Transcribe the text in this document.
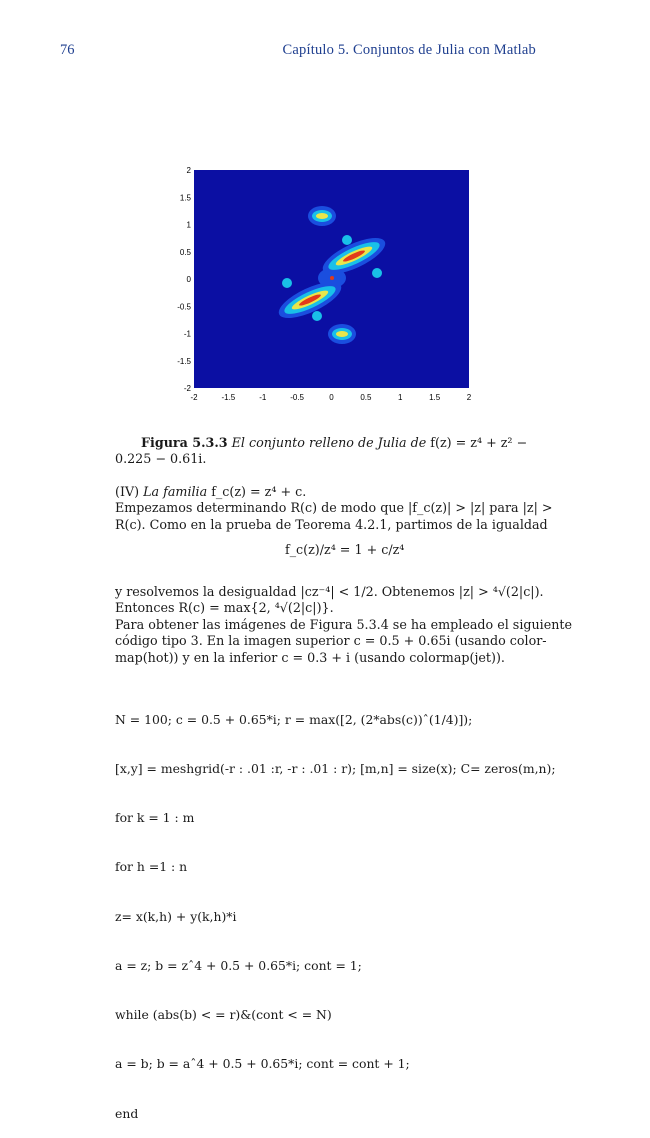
76	Capítulo 5. Conjuntos de Julia con Matlab
-2	-1.5	-1	-0.5	0	0.5	1	1.5	2
2
1.5
1
0.5
0
-0.5
-1
-1.5
-2
Figura 5.3.3 El conjunto relleno de Julia de f(z) = z⁴ + z² − 0.225 − 0.61i.
(IV) La familia f_c(z) = z⁴ + c.
Empezamos determinando R(c) de modo que |f_c(z)| > |z| para |z| >
R(c). Como en la prueba de Teorema 4.2.1, partimos de la igualdad
f_c(z)/z⁴ = 1 + c/z⁴
y resolvemos la desigualdad |cz⁻⁴| < 1/2. Obtenemos |z| > ⁴√(2|c|).
Entonces R(c) = max{2, ⁴√(2|c|)}.
Para obtener las imágenes de Figura 5.3.4 se ha empleado el siguiente
código tipo 3. En la imagen superior c = 0.5 + 0.65i (usando color-
map(hot)) y en la inferior c = 0.3 + i (usando colormap(jet)).

N = 100; c = 0.5 + 0.65*i; r = max([2, (2*abs(c))ˆ(1/4)]);

[x,y] = meshgrid(-r : .01 :r, -r : .01 : r); [m,n] = size(x); C= zeros(m,n);

for k = 1 : m

for h =1 : n

z= x(k,h) + y(k,h)*i

a = z; b = zˆ4 + 0.5 + 0.65*i; cont = 1;

while (abs(b) < = r)&(cont < = N)

a = b; b = aˆ4 + 0.5 + 0.65*i; cont = cont + 1;

end
